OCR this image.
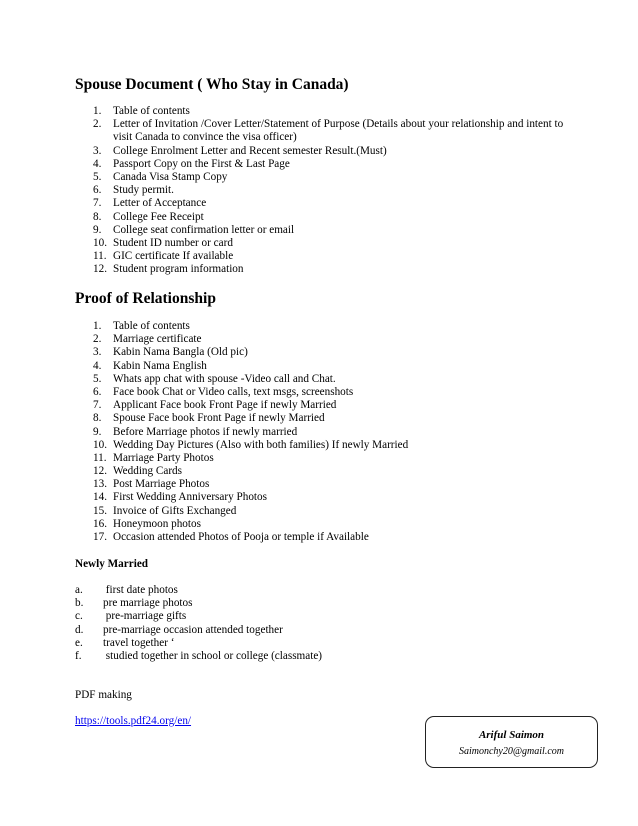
Spouse Document ( Who Stay in Canada)
1. Table of contents
2. Letter of Invitation /Cover Letter/Statement of Purpose (Details about your relationship and intent to visit Canada to convince the visa officer)
3. College Enrolment Letter and Recent semester Result.(Must)
4. Passport Copy on the First & Last Page
5. Canada Visa Stamp Copy
6. Study permit.
7. Letter of Acceptance
8. College Fee Receipt
9. College seat confirmation letter or email
10. Student ID number or card
11. GIC certificate If available
12. Student program information
Proof of Relationship
1. Table of contents
2. Marriage certificate
3. Kabin Nama Bangla (Old pic)
4. Kabin Nama English
5. Whats app chat with spouse -Video call and Chat.
6. Face book Chat or Video calls, text msgs, screenshots
7. Applicant Face book Front Page if newly Married
8. Spouse Face book Front Page if newly Married
9. Before Marriage photos if newly married
10. Wedding Day Pictures (Also with both families) If newly Married
11. Marriage Party Photos
12. Wedding Cards
13. Post Marriage Photos
14. First Wedding Anniversary Photos
15. Invoice of Gifts Exchanged
16. Honeymoon photos
17. Occasion attended Photos of Pooja or temple if Available

Newly Married

a. first date photos
b. pre marriage photos
c. pre-marriage gifts
d. pre-marriage occasion attended together
e. travel together ‘
f. studied together in school or college (classmate)
PDF making
https://tools.pdf24.org/en/
Ariful Saimon
Saimonchy20@gmail.com
